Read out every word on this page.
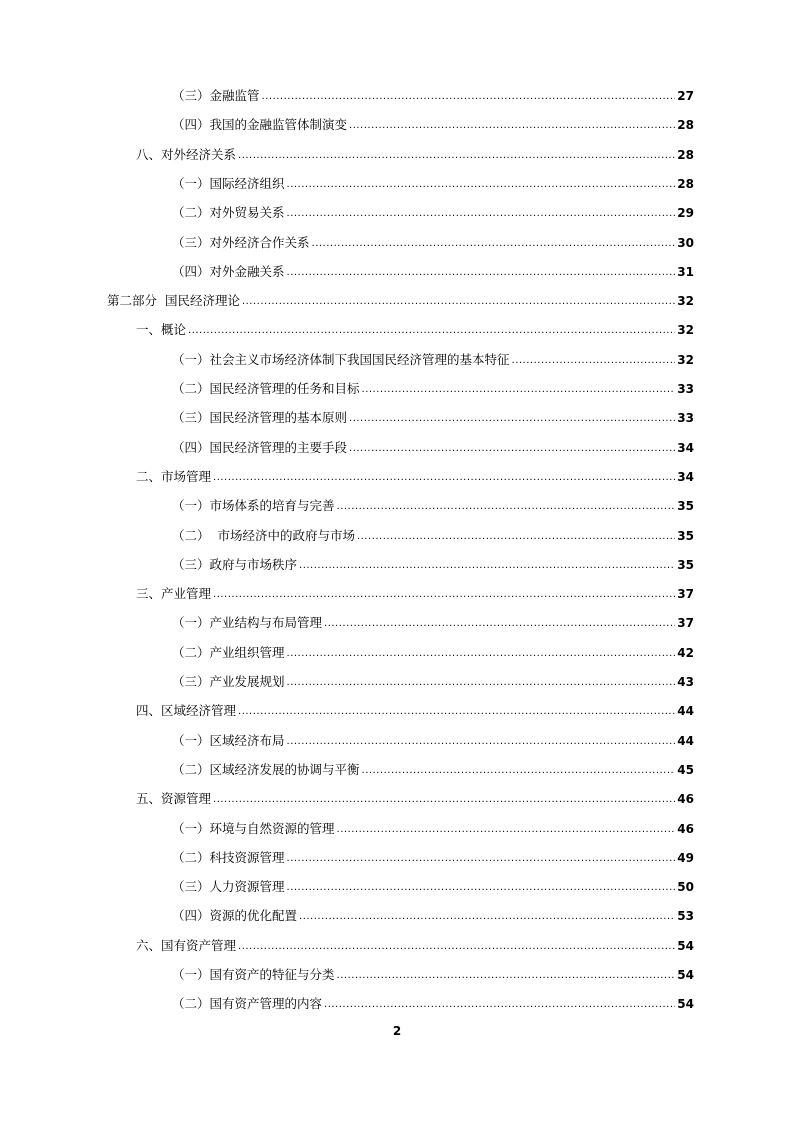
（三）金融监管 .....	27
（四）我国的金融监管体制演变 .....	28
八、对外经济关系 .....	28
（一）国际经济组织 .....	28
（二）对外贸易关系 .....	29
（三）对外经济合作关系 .....	30
（四）对外金融关系 .....	31
第二部分  国民经济理论 .....	32
一、概论 .....	32
（一）社会主义市场经济体制下我国国民经济管理的基本特征 .....	32
（二）国民经济管理的任务和目标 .....	33
（三）国民经济管理的基本原则 .....	33
（四）国民经济管理的主要手段 .....	34
二、市场管理 .....	34
（一）市场体系的培育与完善 .....	35
（二）  市场经济中的政府与市场 .....	35
（三）政府与市场秩序 .....	35
三、产业管理 .....	37
（一）产业结构与布局管理 .....	37
（二）产业组织管理 .....	42
（三）产业发展规划 .....	43
四、区域经济管理 .....	44
（一）区域经济布局 .....	44
（二）区域经济发展的协调与平衡 .....	45
五、资源管理 .....	46
（一）环境与自然资源的管理 .....	46
（二）科技资源管理 .....	49
（三）人力资源管理 .....	50
（四）资源的优化配置 .....	53
六、国有资产管理 .....	54
（一）国有资产的特征与分类 .....	54
（二）国有资产管理的内容 .....	54
2
